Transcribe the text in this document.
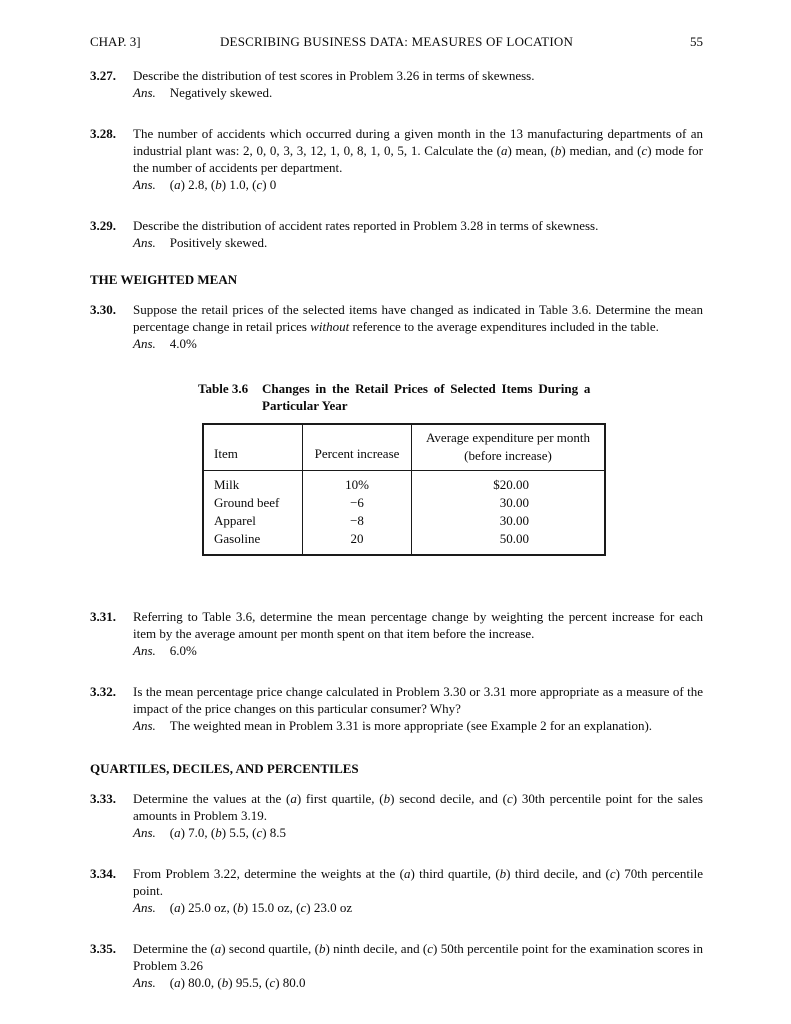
CHAP. 3]	DESCRIBING BUSINESS DATA: MEASURES OF LOCATION	55
3.27.	Describe the distribution of test scores in Problem 3.26 in terms of skewness.
Ans. Negatively skewed.
3.28.	The number of accidents which occurred during a given month in the 13 manufacturing departments of an industrial plant was: 2, 0, 0, 3, 3, 12, 1, 0, 8, 1, 0, 5, 1. Calculate the (a) mean, (b) median, and (c) mode for the number of accidents per department.
Ans. (a) 2.8, (b) 1.0, (c) 0
3.29.	Describe the distribution of accident rates reported in Problem 3.28 in terms of skewness.
Ans. Positively skewed.
THE WEIGHTED MEAN
3.30.	Suppose the retail prices of the selected items have changed as indicated in Table 3.6. Determine the mean percentage change in retail prices without reference to the average expenditures included in the table.
Ans. 4.0%
Table 3.6	Changes in the Retail Prices of Selected Items During a
Particular Year
Item	Percent increase	Average expenditure per month
(before increase)

Milk	10%	$20.00
Ground beef	−6	30.00
Apparel	−8	30.00
Gasoline	20	50.00
3.31.	Referring to Table 3.6, determine the mean percentage change by weighting the percent increase for each item by the average amount per month spent on that item before the increase.
Ans. 6.0%
3.32.	Is the mean percentage price change calculated in Problem 3.30 or 3.31 more appropriate as a measure of the impact of the price changes on this particular consumer? Why?
Ans. The weighted mean in Problem 3.31 is more appropriate (see Example 2 for an explanation).
QUARTILES, DECILES, AND PERCENTILES
3.33.	Determine the values at the (a) first quartile, (b) second decile, and (c) 30th percentile point for the sales amounts in Problem 3.19.
Ans. (a) 7.0, (b) 5.5, (c) 8.5
3.34.	From Problem 3.22, determine the weights at the (a) third quartile, (b) third decile, and (c) 70th percentile point.
Ans. (a) 25.0 oz, (b) 15.0 oz, (c) 23.0 oz
3.35.	Determine the (a) second quartile, (b) ninth decile, and (c) 50th percentile point for the examination scores in Problem 3.26
Ans. (a) 80.0, (b) 95.5, (c) 80.0
